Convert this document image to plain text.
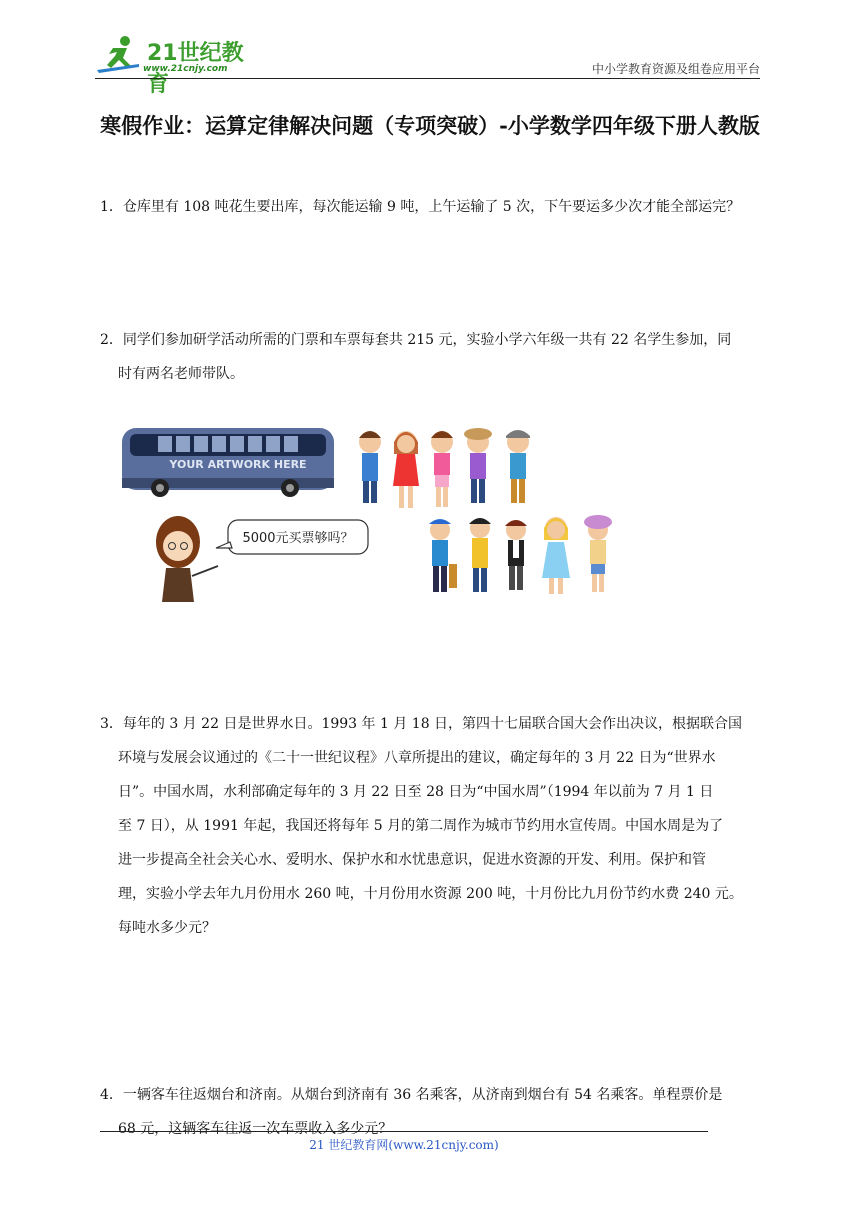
21世纪教育
www.21cnjy.com	中小学教育资源及组卷应用平台
寒假作业：运算定律解决问题（专项突破）-小学数学四年级下册人教版
1．仓库里有 108 吨花生要出库，每次能运输 9 吨，上午运输了 5 次，下午要运多少次才能全部运完？
2．同学们参加研学活动所需的门票和车票每套共 215 元，实验小学六年级一共有 22 名学生参加，同
时有两名老师带队。
YOUR ARTWORK HERE
5000元买票够吗？
3．每年的 3 月 22 日是世界水日。1993 年 1 月 18 日，第四十七届联合国大会作出决议，根据联合国
环境与发展会议通过的《二十一世纪议程》八章所提出的建议，确定每年的 3 月 22 日为“世界水
日”。中国水周，水利部确定每年的 3 月 22 日至 28 日为“中国水周”（1994 年以前为 7 月 1 日
至 7 日），从 1991 年起，我国还将每年 5 月的第二周作为城市节约用水宣传周。中国水周是为了
进一步提高全社会关心水、爱明水、保护水和水忧患意识，促进水资源的开发、利用。保护和管
理，实验小学去年九月份用水 260 吨，十月份用水资源 200 吨，十月份比九月份节约水费 240 元。
每吨水多少元？
4．一辆客车往返烟台和济南。从烟台到济南有 36 名乘客，从济南到烟台有 54 名乘客。单程票价是
68 元，这辆客车往返一次车票收入多少元？
21 世纪教育网(www.21cnjy.com)
